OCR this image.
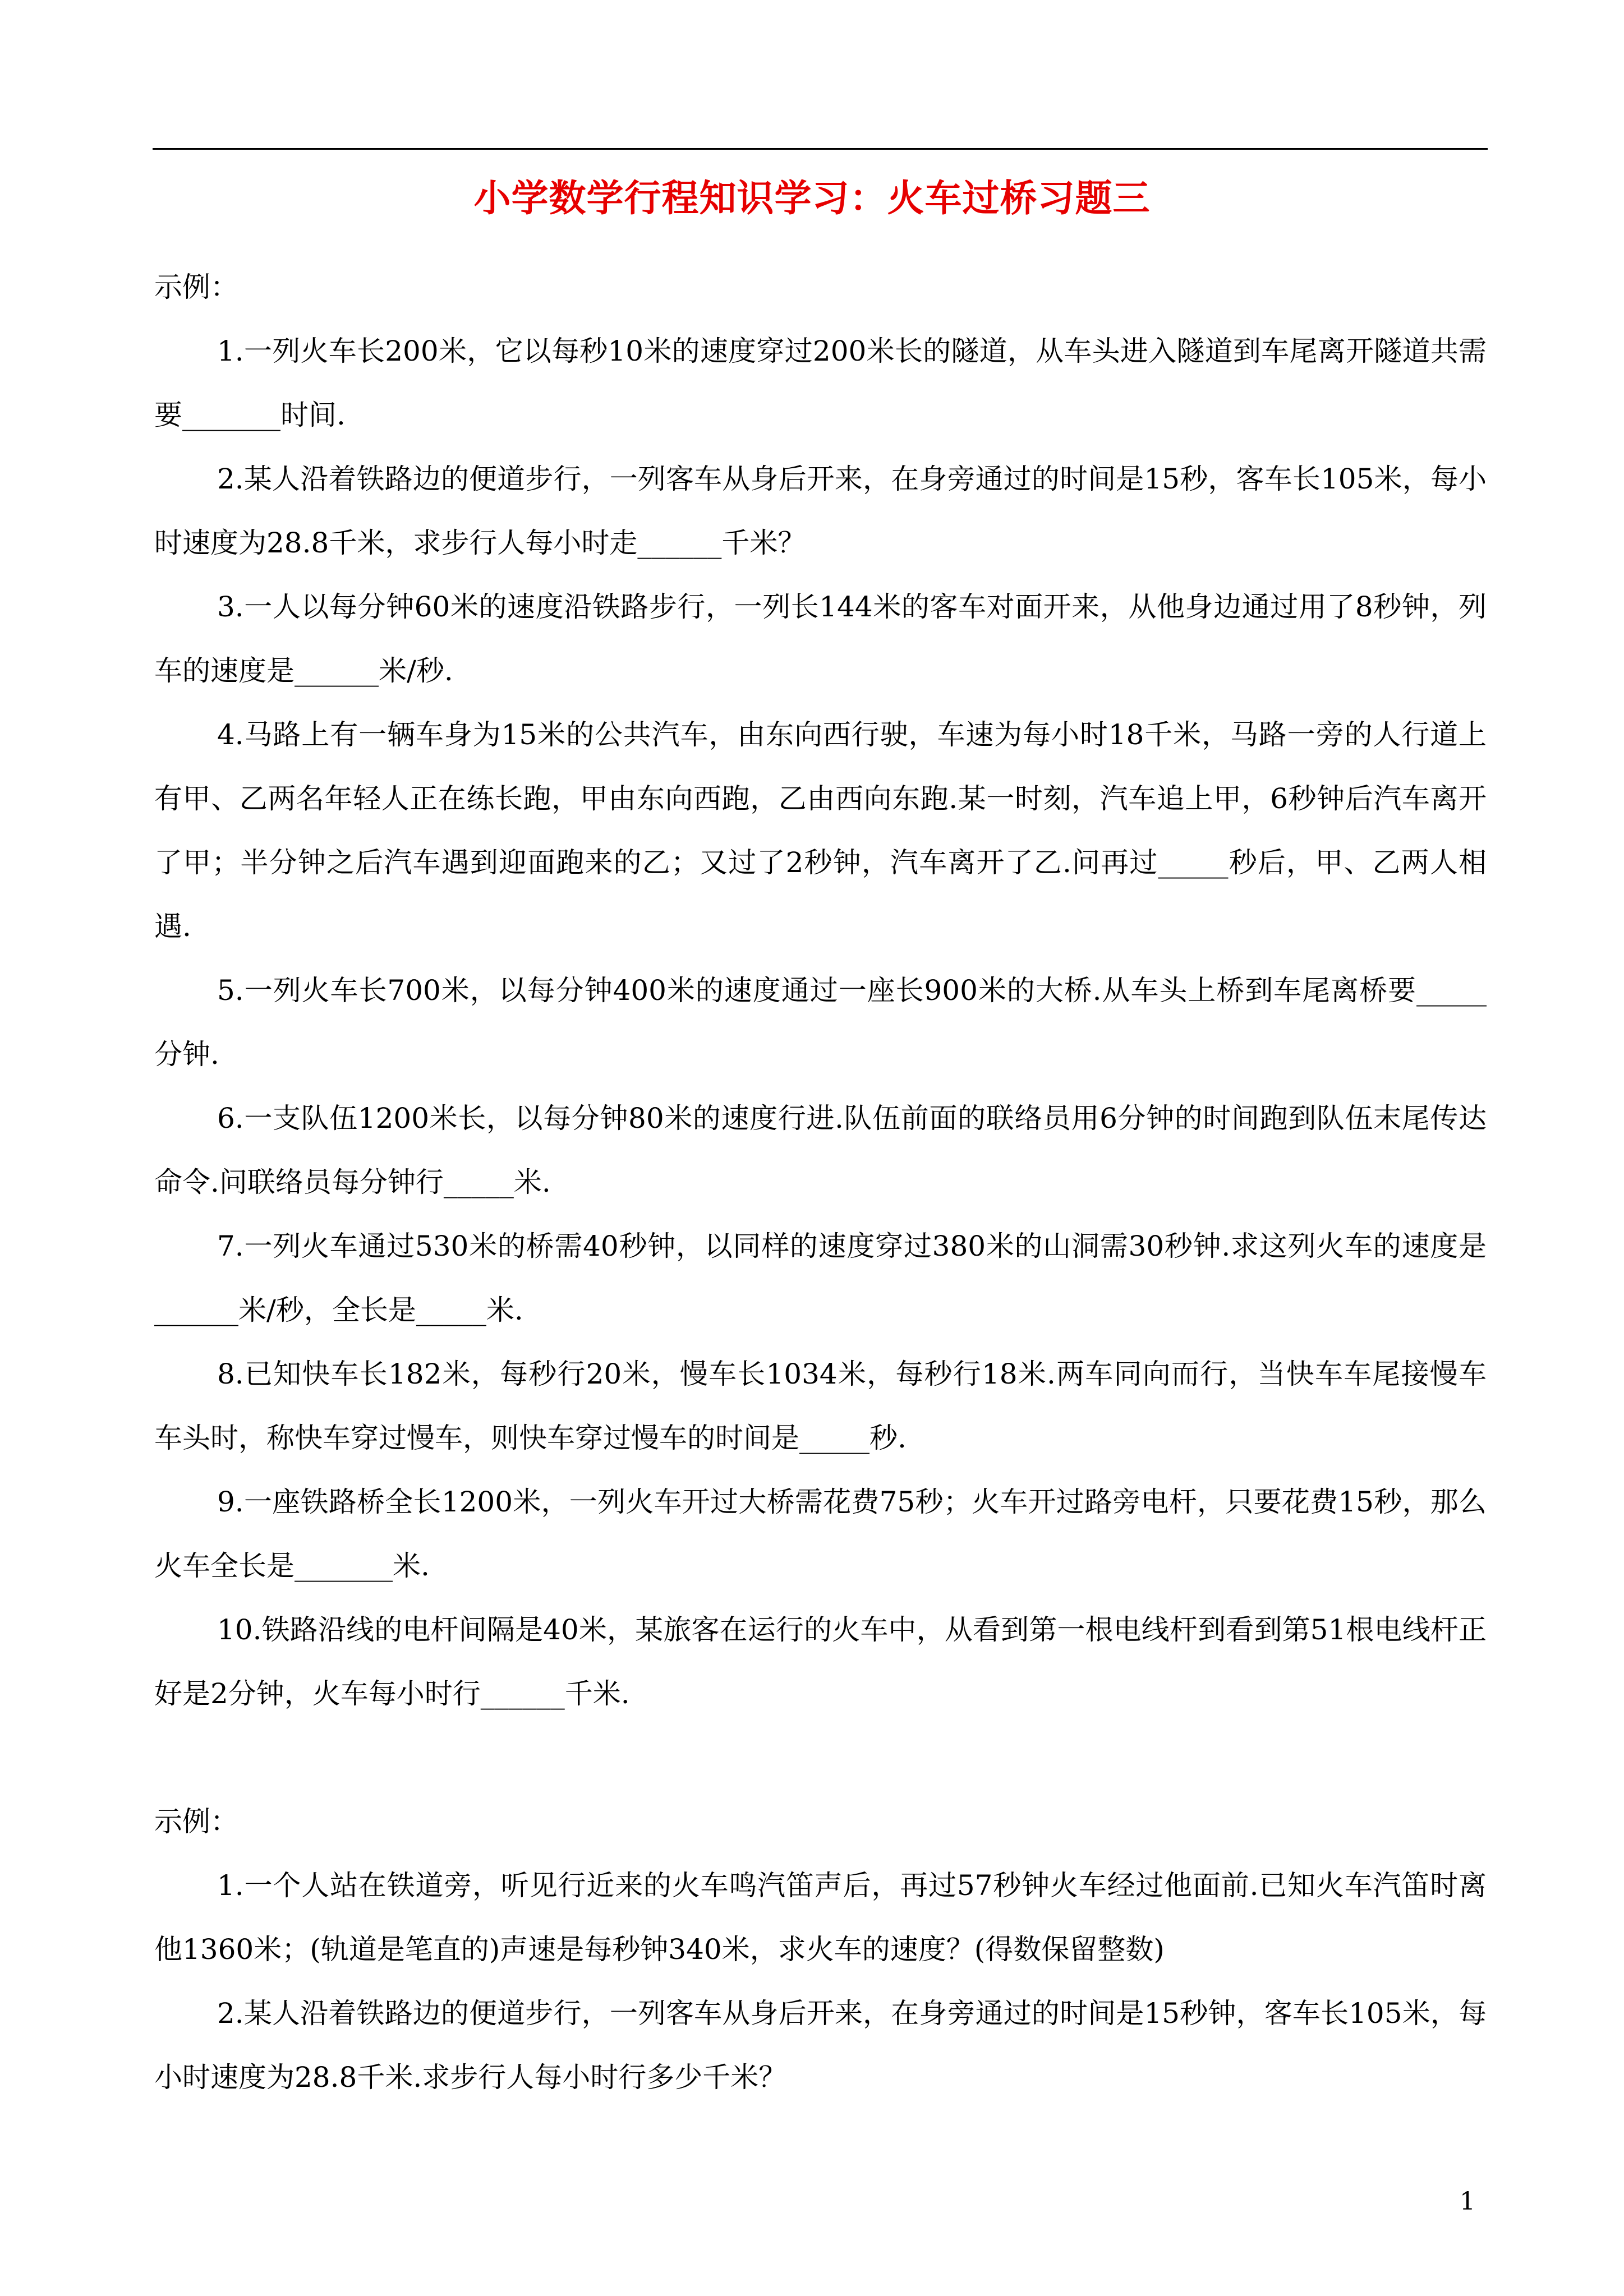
小学数学行程知识学习：火车过桥习题三

示例：

1.一列火车长200米，它以每秒10米的速度穿过200米长的隧道，从车头进入隧道到车尾离开隧道共需要_______时间.

2.某人沿着铁路边的便道步行，一列客车从身后开来，在身旁通过的时间是15秒，客车长105米，每小时速度为28.8千米，求步行人每小时走______千米？

3.一人以每分钟60米的速度沿铁路步行，一列长144米的客车对面开来，从他身边通过用了8秒钟，列车的速度是______米/秒.

4.马路上有一辆车身为15米的公共汽车，由东向西行驶，车速为每小时18千米，马路一旁的人行道上有甲、乙两名年轻人正在练长跑，甲由东向西跑，乙由西向东跑.某一时刻，汽车追上甲，6秒钟后汽车离开了甲；半分钟之后汽车遇到迎面跑来的乙；又过了2秒钟，汽车离开了乙.问再过_____秒后，甲、乙两人相遇.

5.一列火车长700米，以每分钟400米的速度通过一座长900米的大桥.从车头上桥到车尾离桥要_____分钟.

6.一支队伍1200米长，以每分钟80米的速度行进.队伍前面的联络员用6分钟的时间跑到队伍末尾传达命令.问联络员每分钟行_____米.

7.一列火车通过530米的桥需40秒钟，以同样的速度穿过380米的山洞需30秒钟.求这列火车的速度是______米/秒，全长是_____米.

8.已知快车长182米，每秒行20米，慢车长1034米，每秒行18米.两车同向而行，当快车车尾接慢车车头时，称快车穿过慢车，则快车穿过慢车的时间是_____秒.

9.一座铁路桥全长1200米，一列火车开过大桥需花费75秒；火车开过路旁电杆，只要花费15秒，那么火车全长是_______米.

10.铁路沿线的电杆间隔是40米，某旅客在运行的火车中，从看到第一根电线杆到看到第51根电线杆正好是2分钟，火车每小时行______千米.

示例：

1.一个人站在铁道旁，听见行近来的火车鸣汽笛声后，再过57秒钟火车经过他面前.已知火车汽笛时离他1360米；(轨道是笔直的)声速是每秒钟340米，求火车的速度？(得数保留整数)

2.某人沿着铁路边的便道步行，一列客车从身后开来，在身旁通过的时间是15秒钟，客车长105米，每小时速度为28.8千米.求步行人每小时行多少千米？

1
